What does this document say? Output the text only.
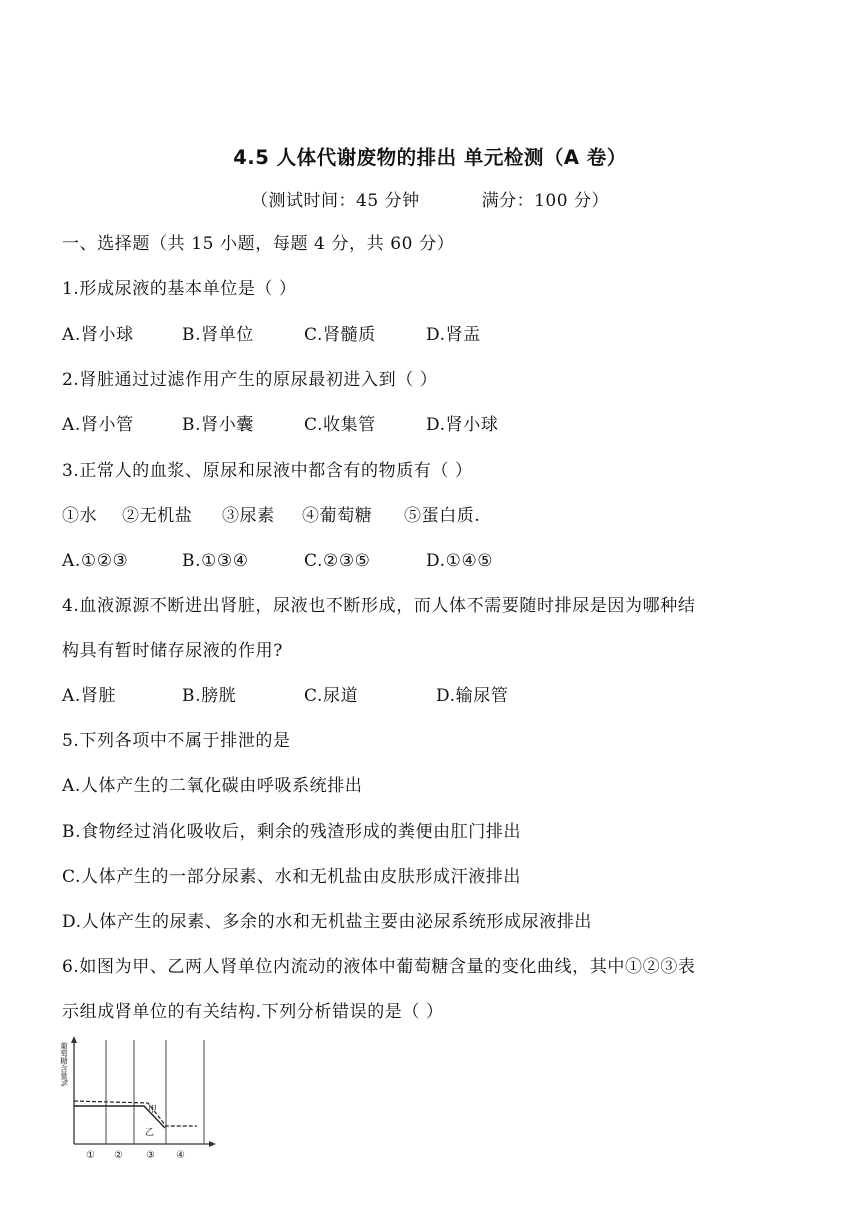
4.5 人体代谢废物的排出 单元检测（A 卷）
（测试时间：45 分钟	满分：100 分）
一、选择题（共 15 小题，每题 4 分，共 60 分）
1.形成尿液的基本单位是（ ）
A.肾小球	B.肾单位	C.肾髓质	D.肾盂
2.肾脏通过过滤作用产生的原尿最初进入到（ ）
A.肾小管	B.肾小囊	C.收集管	D.肾小球
3.正常人的血浆、原尿和尿液中都含有的物质有（ ）
①水 ②无机盐 ③尿素 ④葡萄糖 ⑤蛋白质.
A.①②③	B.①③④	C.②③⑤	D.①④⑤
4.血液源源不断进出肾脏，尿液也不断形成，而人体不需要随时排尿是因为哪种结
构具有暂时储存尿液的作用?
A.肾脏	B.膀胱	C.尿道	D.输尿管
5.下列各项中不属于排泄的是
A.人体产生的二氧化碳由呼吸系统排出
B.食物经过消化吸收后，剩余的残渣形成的粪便由肛门排出
C.人体产生的一部分尿素、水和无机盐由皮肤形成汗液排出
D.人体产生的尿素、多余的水和无机盐主要由泌尿系统形成尿液排出
6.如图为甲、乙两人肾单位内流动的液体中葡萄糖含量的变化曲线，其中①②③表
示组成肾单位的有关结构.下列分析错误的是（ ）
葡萄糖含量%
甲
乙
① ② ③ ④
